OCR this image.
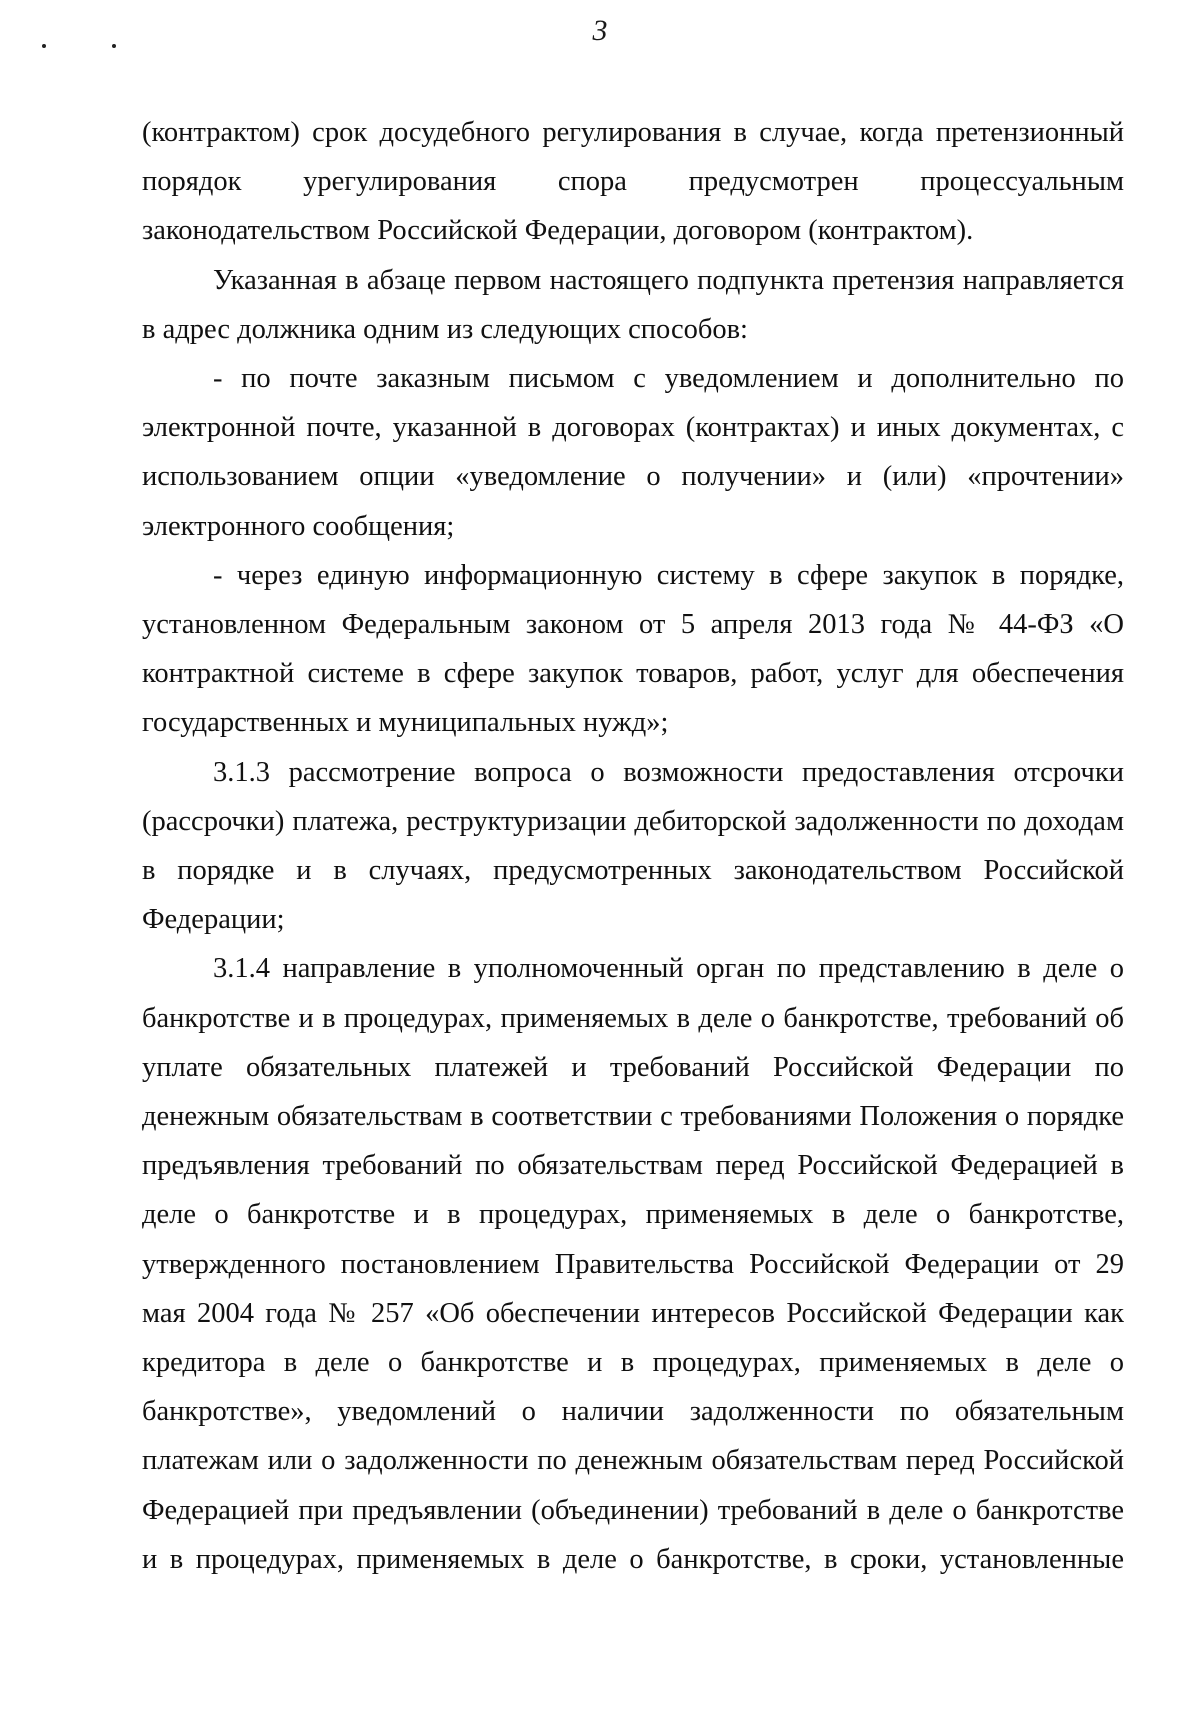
3

(контрактом) срок досудебного регулирования в случае, когда претензионный порядок урегулирования спора предусмотрен процессуальным законодательством Российской Федерации, договором (контрактом).

Указанная в абзаце первом настоящего подпункта претензия направляется в адрес должника одним из следующих способов:

- по почте заказным письмом с уведомлением и дополнительно по электронной почте, указанной в договорах (контрактах) и иных документах, с использованием опции «уведомление о получении» и (или) «прочтении» электронного сообщения;

- через единую информационную систему в сфере закупок в порядке, установленном Федеральным законом от 5 апреля 2013 года № 44-ФЗ «О контрактной системе в сфере закупок товаров, работ, услуг для обеспечения государственных и муниципальных нужд»;

3.1.3 рассмотрение вопроса о возможности предоставления отсрочки (рассрочки) платежа, реструктуризации дебиторской задолженности по доходам в порядке и в случаях, предусмотренных законодательством Российской Федерации;

3.1.4 направление в уполномоченный орган по представлению в деле о банкротстве и в процедурах, применяемых в деле о банкротстве, требований об уплате обязательных платежей и требований Российской Федерации по денежным обязательствам в соответствии с требованиями Положения о порядке предъявления требований по обязательствам перед Российской Федерацией в деле о банкротстве и в процедурах, применяемых в деле о банкротстве, утвержденного постановлением Правительства Российской Федерации от 29 мая 2004 года № 257 «Об обеспечении интересов Российской Федерации как кредитора в деле о банкротстве и в процедурах, применяемых в деле о банкротстве», уведомлений о наличии задолженности по обязательным платежам или о задолженности по денежным обязательствам перед Российской Федерацией при предъявлении (объединении) требований в деле о банкротстве и в процедурах, применяемых в деле о банкротстве, в сроки, установленные
